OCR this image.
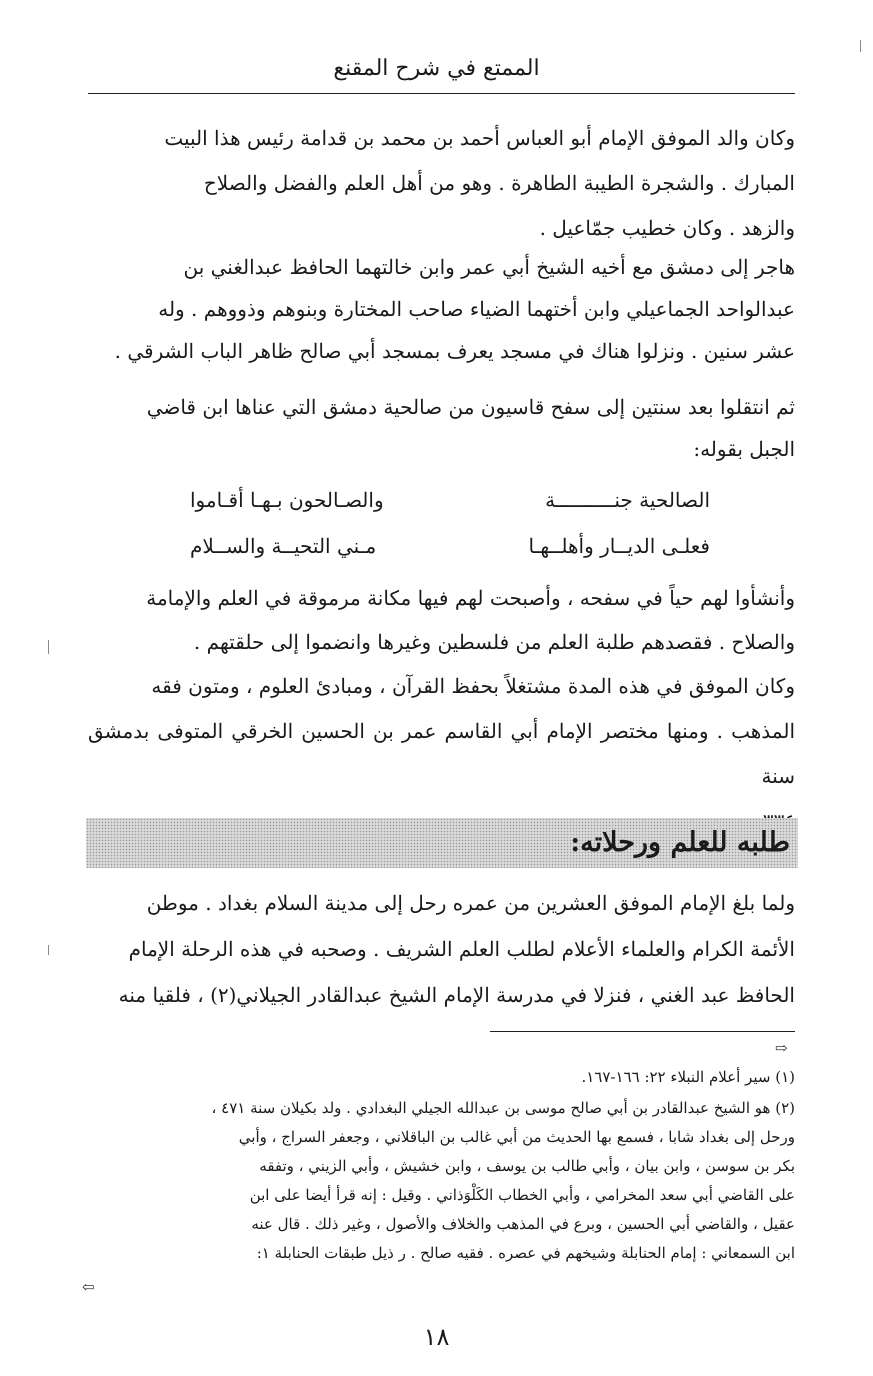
الممتع في شرح المقنع

وكان والد الموفق الإمام أبو العباس أحمد بن محمد بن قدامة رئيس هذا البيت
المبارك . والشجرة الطيبة الطاهرة . وهو من أهل العلم والفضل والصلاح
والزهد . وكان خطيب جمّاعيل .

هاجر إلى دمشق مع أخيه الشيخ أبي عمر وابن خالتهما الحافظ عبدالغني بن
عبدالواحد الجماعيلي وابن أختهما الضياء صاحب المختارة وبنوهم وذووهم . وله
عشر سنين . ونزلوا هناك في مسجد يعرف بمسجد أبي صالح ظاهر الباب الشرقي .

ثم انتقلوا بعد سنتين إلى سفح قاسيون من صالحية دمشق التي عناها ابن قاضي
الجبل بقوله:

الصالحية جنــــــــــة
والصـالحون بـهـا أقـاموا
فعلـى الديــار وأهلــهـا
مـني التحيــة والســلام

وأنشأوا لهم حياً في سفحه ، وأصبحت لهم فيها مكانة مرموقة في العلم والإمامة
والصلاح . فقصدهم طلبة العلم من فلسطين وغيرها وانضموا إلى حلقتهم .

وكان الموفق في هذه المدة مشتغلاً بحفظ القرآن ، ومبادئ العلوم ، ومتون فقه
المذهب . ومنها مختصر الإمام أبي القاسم عمر بن الحسين الخرقي المتوفى بدمشق سنة

طلبه للعلم ورحلاته:

ولما بلغ الإمام الموفق العشرين من عمره رحل إلى مدينة السلام بغداد . موطن
الأئمة الكرام والعلماء الأعلام لطلب العلم الشريف . وصحبه في هذه الرحلة الإمام
الحافظ عبد الغني ، فنزلا في مدرسة الإمام الشيخ عبدالقادر الجيلاني(٢) ، فلقيا منه

⇨

(١) سير أعلام النبلاء ٢٢: ١٦٦-١٦٧.

(٢) هو الشيخ عبدالقادر بن أبي صالح موسى بن عبدالله الجيلي البغدادي . ولد بكيلان سنة ٤٧١ ،
ورحل إلى بغداد شابا ، فسمع بها الحديث من أبي غالب بن الباقلاني ، وجعفر السراج ، وأبي
بكر بن سوسن ، وابن بيان ، وأبي طالب بن يوسف ، وابن خشيش ، وأبي الزيني ، وتفقه
على القاضي أبي سعد المخرامي ، وأبي الخطاب الكَلْوَذاني . وقيل : إنه قرأ أيضا على ابن
عقيل ، والقاضي أبي الحسين ، وبرع في المذهب والخلاف والأصول ، وغير ذلك . قال عنه
ابن السمعاني : إمام الحنابلة وشيخهم في عصره . فقيه صالح . ر ذيل طبقات الحنابلة ١:

⇦
١٨
